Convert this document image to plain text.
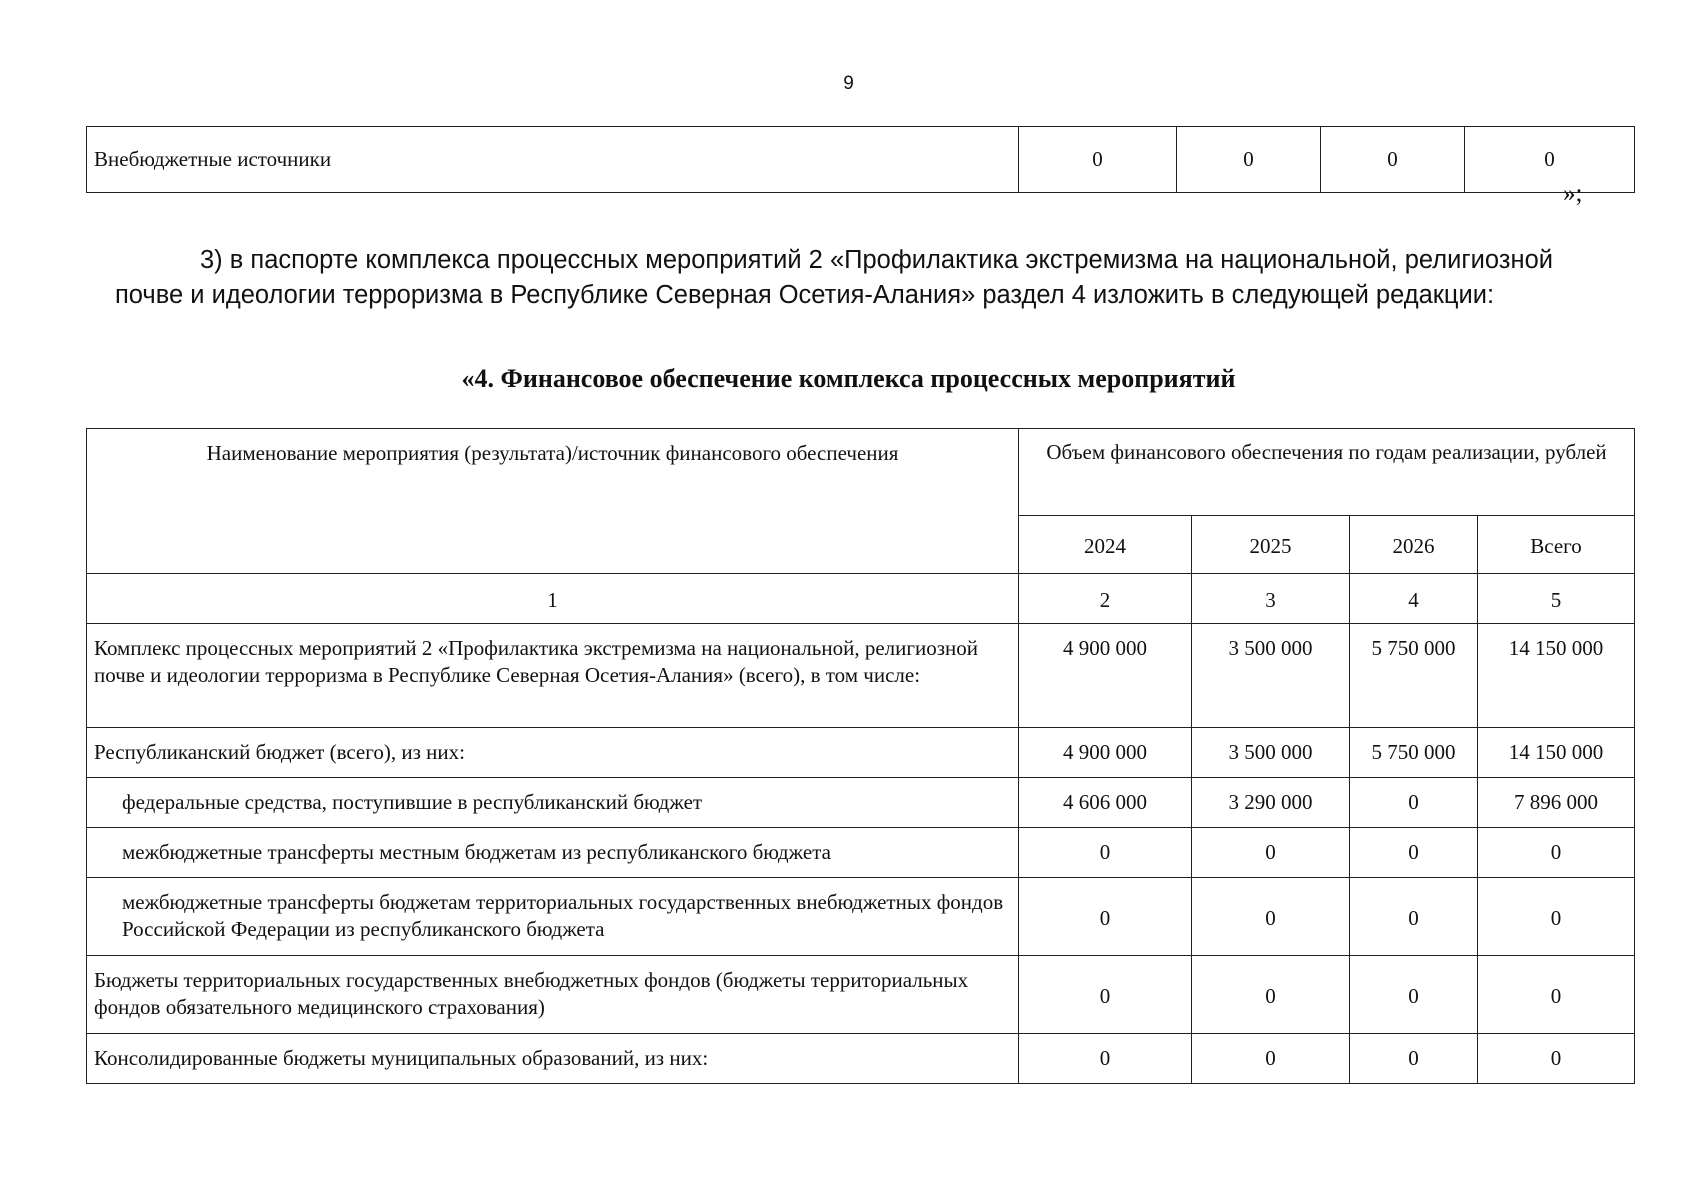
9
Внебюджетные источники	0	0	0	0
»;
3) в паспорте комплекса процессных мероприятий 2 «Профилактика экстремизма на национальной, религиозной почве и идеологии терроризма в Республике Северная Осетия-Алания» раздел 4 изложить в следующей редакции:
«4. Финансовое обеспечение комплекса процессных мероприятий
Наименование мероприятия (результата)/источник финансового обеспечения	Объем финансового обеспечения по годам реализации, рублей			
	2024	2025	2026	Всего
1	2	3	4	5
Комплекс процессных мероприятий 2 «Профилактика экстремизма на национальной, религиозной почве и идеологии терроризма в Республике Северная Осетия-Алания» (всего), в том числе:	4 900 000	3 500 000	5 750 000	14 150 000
Республиканский бюджет (всего), из них:	4 900 000	3 500 000	5 750 000	14 150 000
федеральные средства, поступившие в республиканский бюджет	4 606 000	3 290 000	0	7 896 000
межбюджетные трансферты местным бюджетам из республиканского бюджета	0	0	0	0
межбюджетные трансферты бюджетам территориальных государственных внебюджетных фондов Российской Федерации из республиканского бюджета	0	0	0	0
Бюджеты территориальных государственных внебюджетных фондов (бюджеты территориальных фондов обязательного медицинского страхования)	0	0	0	0
Консолидированные бюджеты муниципальных образований, из них:	0	0	0	0
